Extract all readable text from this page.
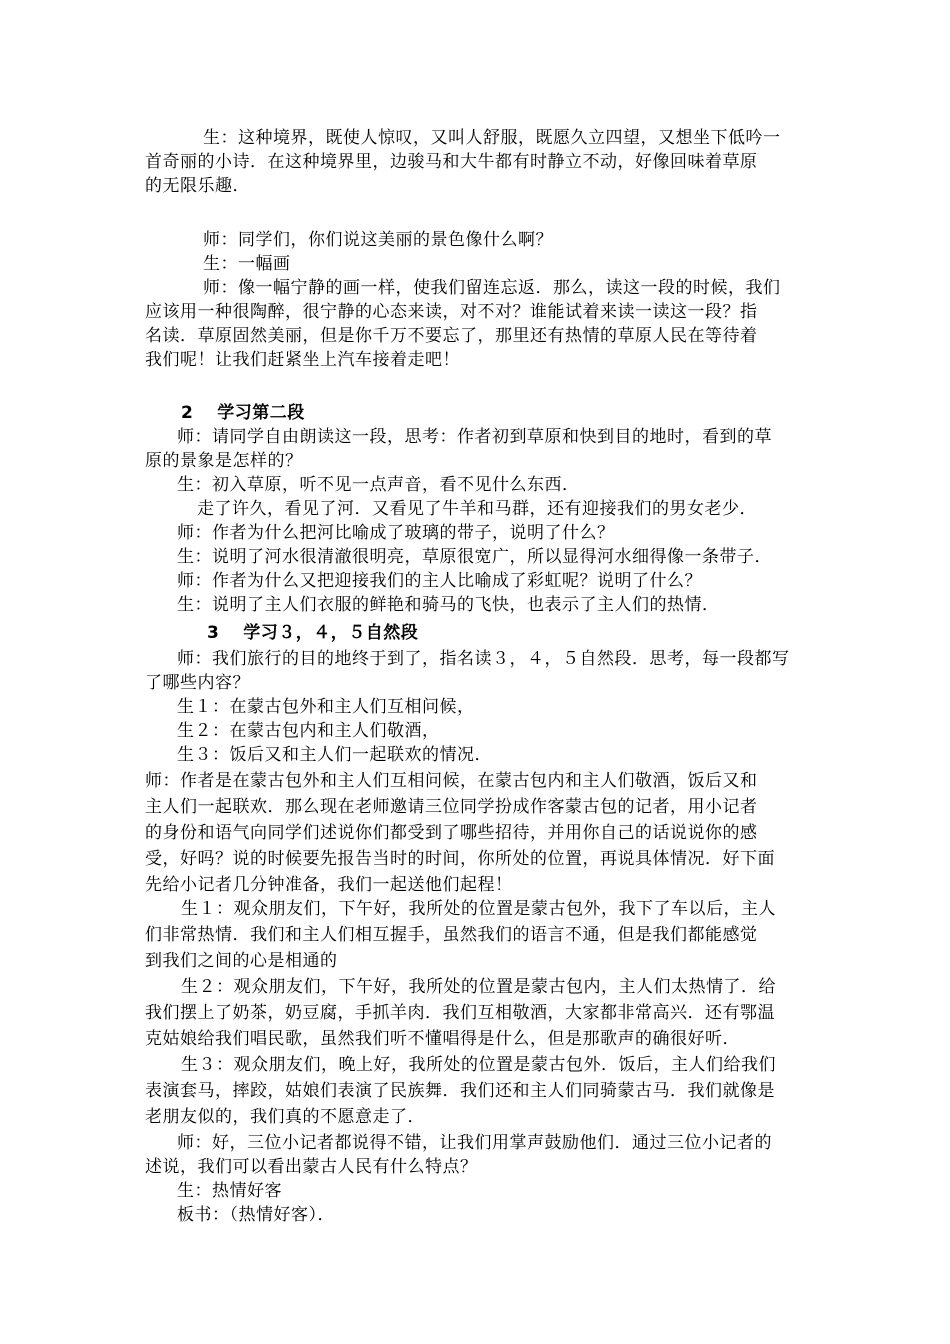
生：这种境界，既使人惊叹，又叫人舒服，既愿久立四望，又想坐下低吟一
首奇丽的小诗．在这种境界里，边骏马和大牛都有时静立不动，好像回味着草原
的无限乐趣．
师：同学们，你们说这美丽的景色像什么啊？
生：一幅画
师：像一幅宁静的画一样，使我们留连忘返．那么，读这一段的时候，我们
应该用一种很陶醉，很宁静的心态来读，对不对？谁能试着来读一读这一段？指
名读．草原固然美丽，但是你千万不要忘了，那里还有热情的草原人民在等待着
我们呢！让我们赶紧坐上汽车接着走吧！
2　 学习第二段
师：请同学自由朗读这一段，思考：作者初到草原和快到目的地时，看到的草
原的景象是怎样的？
生：初入草原，听不见一点声音，看不见什么东西．
走了许久，看见了河．又看见了牛羊和马群，还有迎接我们的男女老少．
师：作者为什么把河比喻成了玻璃的带子，说明了什么？
生：说明了河水很清澈很明亮，草原很宽广，所以显得河水细得像一条带子．
师：作者为什么又把迎接我们的主人比喻成了彩虹呢？说明了什么？
生：说明了主人们衣服的鲜艳和骑马的飞快，也表示了主人们的热情．
3　 学习３，４，５自然段
师：我们旅行的目的地终于到了，指名读３，４，５自然段．思考，每一段都写
了哪些内容？
生１：在蒙古包外和主人们互相问候，
生２：在蒙古包内和主人们敬酒，
生３：饭后又和主人们一起联欢的情况．
师：作者是在蒙古包外和主人们互相问候，在蒙古包内和主人们敬酒，饭后又和
主人们一起联欢．那么现在老师邀请三位同学扮成作客蒙古包的记者，用小记者
的身份和语气向同学们述说你们都受到了哪些招待，并用你自己的话说说你的感
受，好吗？说的时候要先报告当时的时间，你所处的位置，再说具体情况．好下面
先给小记者几分钟准备，我们一起送他们起程！
生１：观众朋友们，下午好，我所处的位置是蒙古包外，我下了车以后，主人
们非常热情．我们和主人们相互握手，虽然我们的语言不通，但是我们都能感觉
到我们之间的心是相通的
生２：观众朋友们，下午好，我所处的位置是蒙古包内，主人们太热情了．给
我们摆上了奶茶，奶豆腐，手抓羊肉．我们互相敬酒，大家都非常高兴．还有鄂温
克姑娘给我们唱民歌，虽然我们听不懂唱得是什么，但是那歌声的确很好听．
生３：观众朋友们，晚上好，我所处的位置是蒙古包外．饭后，主人们给我们
表演套马，摔跤，姑娘们表演了民族舞．我们还和主人们同骑蒙古马．我们就像是
老朋友似的，我们真的不愿意走了．
师：好，三位小记者都说得不错，让我们用掌声鼓励他们．通过三位小记者的
述说，我们可以看出蒙古人民有什么特点？
生：热情好客
板书：（热情好客）．
